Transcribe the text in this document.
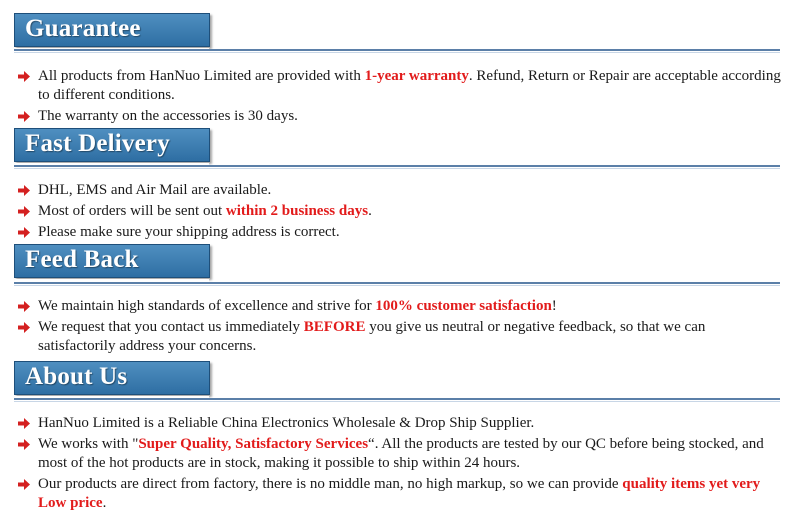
Guarantee
All products from HanNuo Limited are provided with 1-year warranty. Refund, Return or Repair are acceptable according to different conditions.
The warranty on the accessories is 30 days.
Fast Delivery
DHL, EMS and Air Mail are available.
Most of orders will be sent out within 2 business days.
Please make sure your shipping address is correct.
Feed Back
We maintain high standards of excellence and strive for 100% customer satisfaction!
We request that you contact us immediately BEFORE you give us neutral or negative feedback, so that we can satisfactorily address your concerns.
About Us
HanNuo Limited is a Reliable China Electronics Wholesale & Drop Ship Supplier.
We works with "Super Quality, Satisfactory Services“. All the products are tested by our QC before being stocked, and most of the hot products are in stock, making it possible to ship within 24 hours.
Our products are direct from factory, there is no middle man, no high markup, so we can provide quality items yet very Low price.
